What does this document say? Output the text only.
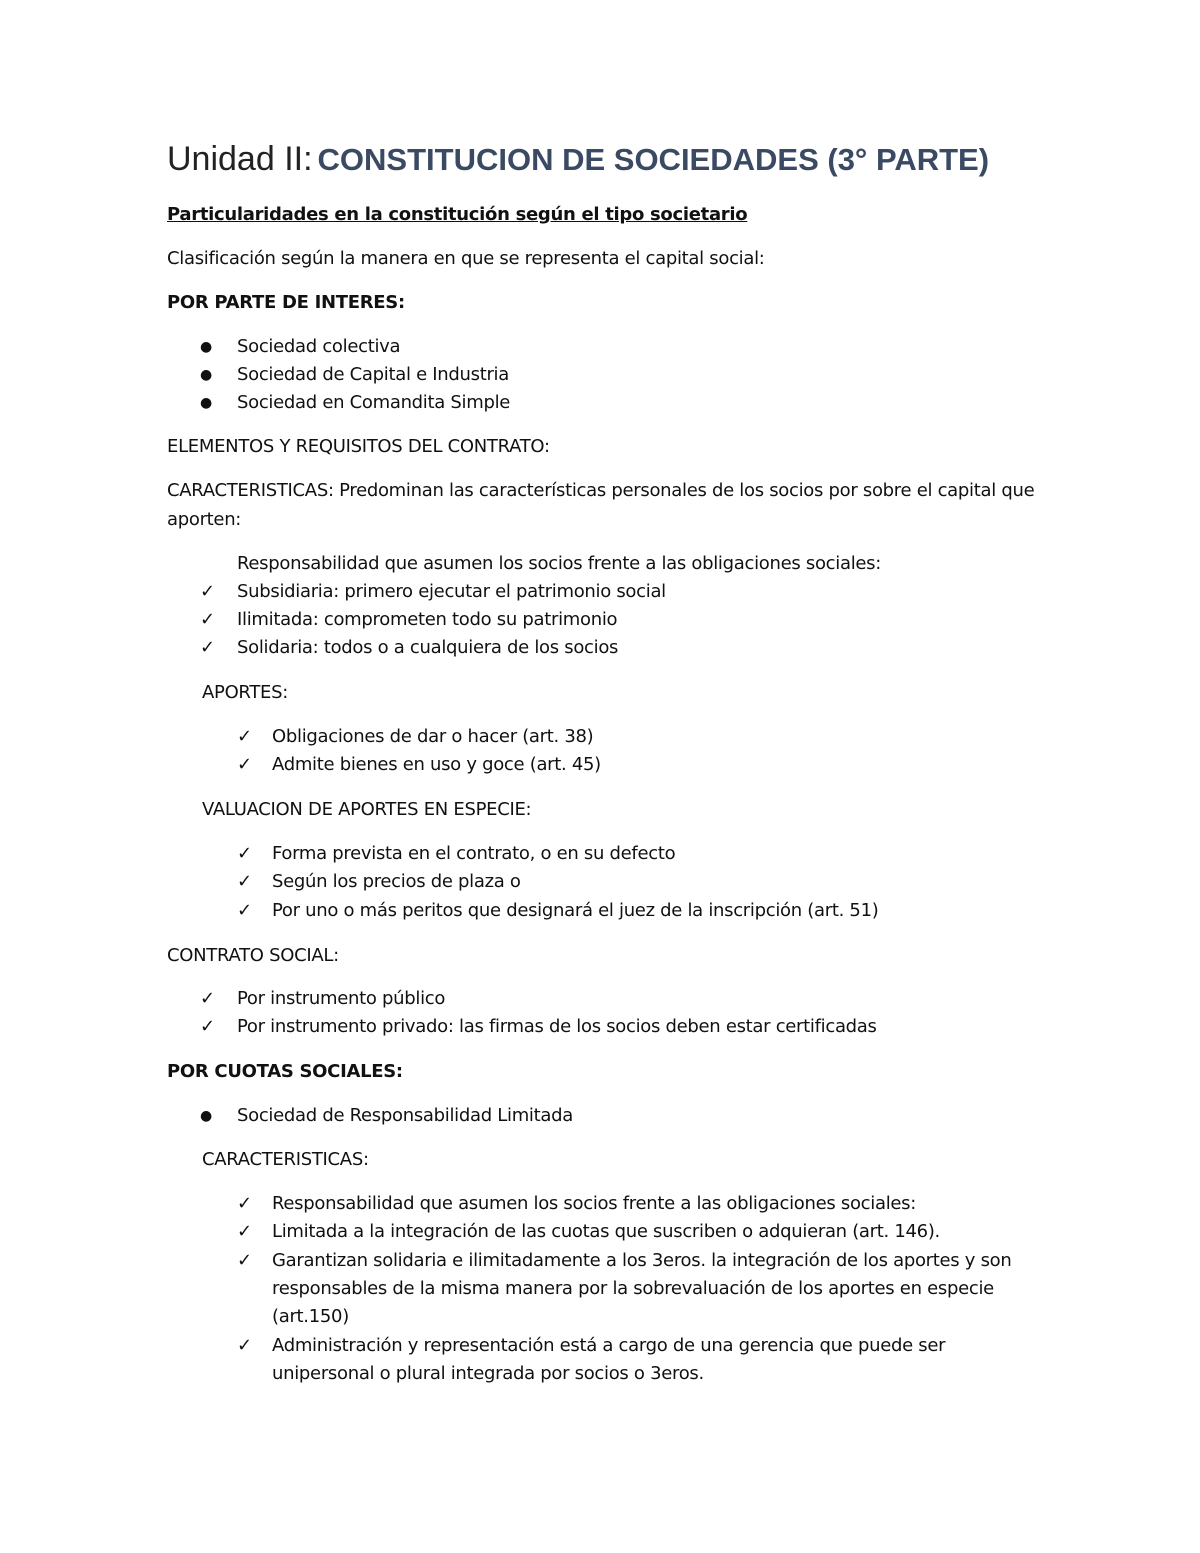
Unidad II: CONSTITUCION DE SOCIEDADES (3° PARTE)
Particularidades en la constitución según el tipo societario
Clasificación según la manera en que se representa el capital social:
POR PARTE DE INTERES:
●	Sociedad colectiva
●	Sociedad de Capital e Industria
●	Sociedad en Comandita Simple
ELEMENTOS Y REQUISITOS DEL CONTRATO:
CARACTERISTICAS: Predominan las características personales de los socios por sobre el capital que
aporten:
Responsabilidad que asumen los socios frente a las obligaciones sociales:
✓	Subsidiaria: primero ejecutar el patrimonio social
✓	Ilimitada: comprometen todo su patrimonio
✓	Solidaria: todos o a cualquiera de los socios
APORTES:
✓	Obligaciones de dar o hacer (art. 38)
✓	Admite bienes en uso y goce (art. 45)
VALUACION DE APORTES EN ESPECIE:
✓	Forma prevista en el contrato, o en su defecto
✓	Según los precios de plaza o
✓	Por uno o más peritos que designará el juez de la inscripción (art. 51)
CONTRATO SOCIAL:
✓	Por instrumento público
✓	Por instrumento privado: las firmas de los socios deben estar certificadas
POR CUOTAS SOCIALES:
●	Sociedad de Responsabilidad Limitada
CARACTERISTICAS:
✓	Responsabilidad que asumen los socios frente a las obligaciones sociales:
✓	Limitada a la integración de las cuotas que suscriben o adquieran (art. 146).
✓	Garantizan solidaria e ilimitadamente a los 3eros. la integración de los aportes y son
responsables de la misma manera por la sobrevaluación de los aportes en especie
(art.150)
✓	Administración y representación está a cargo de una gerencia que puede ser
unipersonal o plural integrada por socios o 3eros.
